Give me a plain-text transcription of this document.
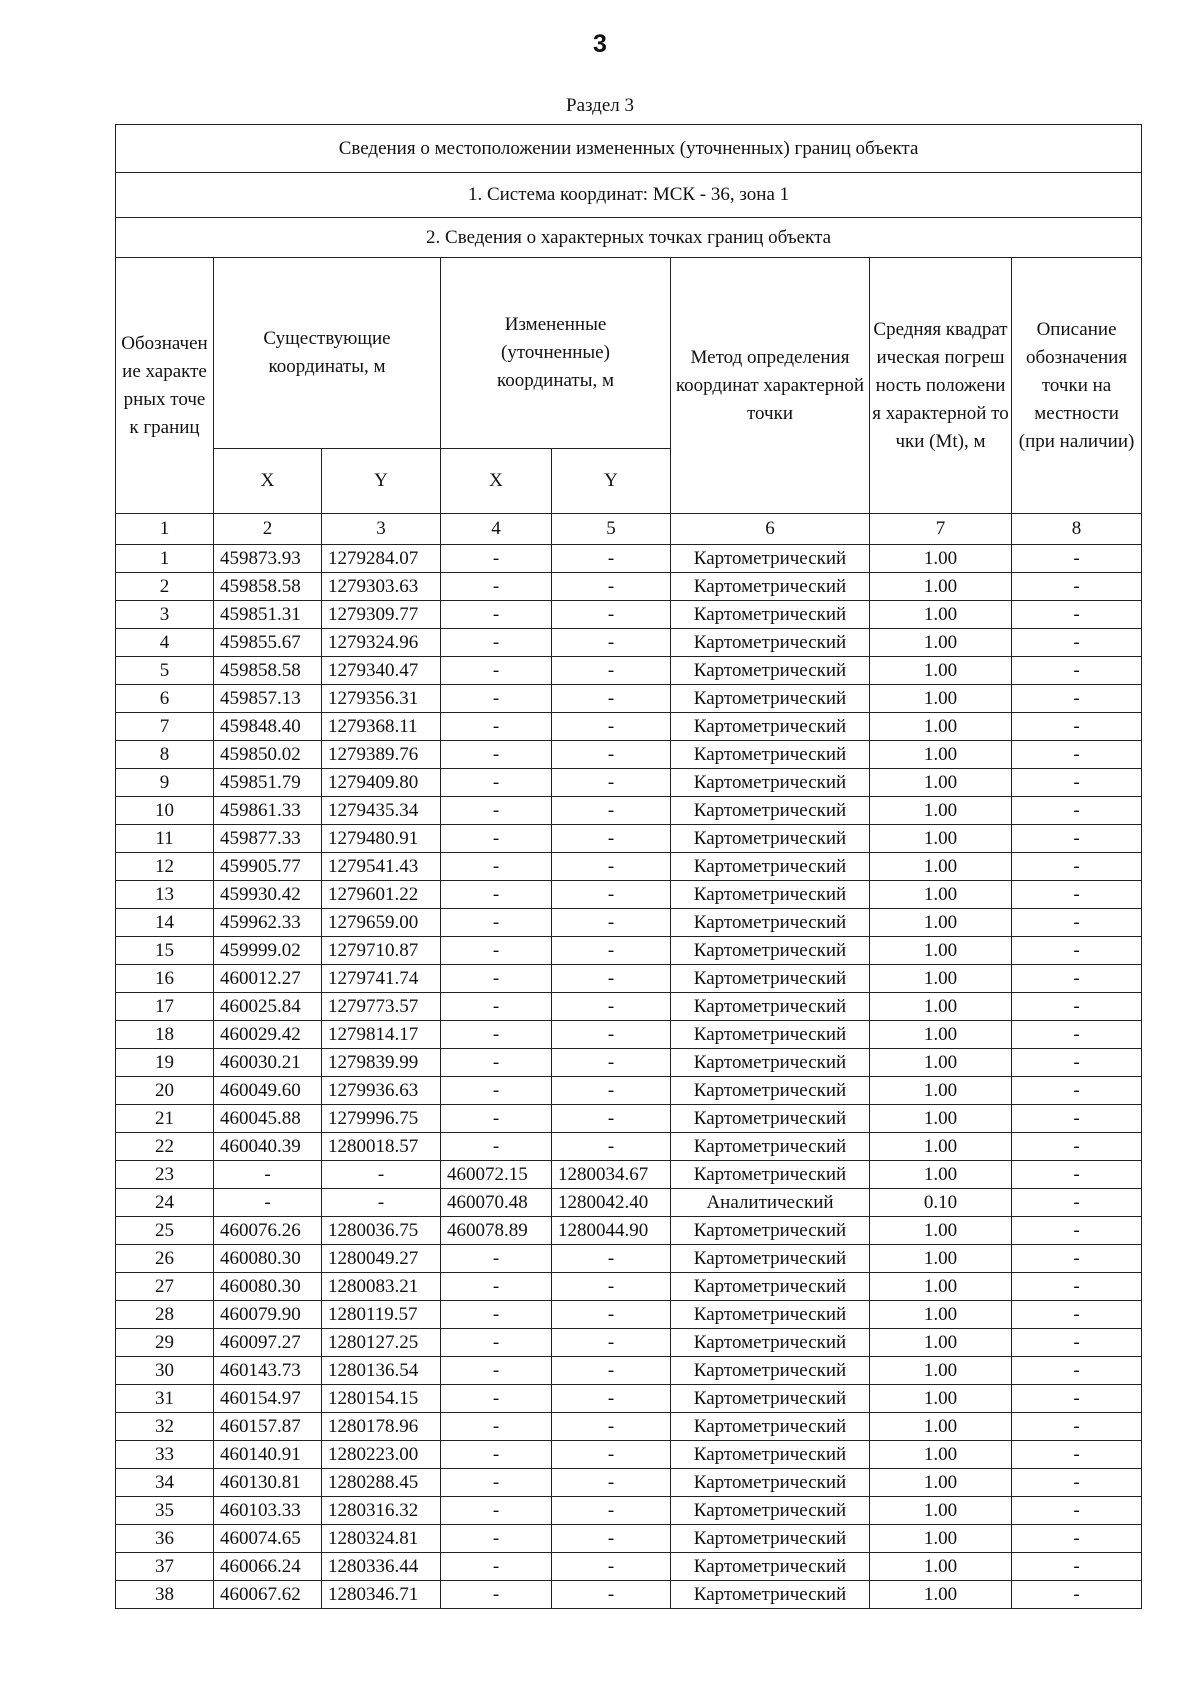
3
Раздел 3
Сведения о местоположении измененных (уточненных) границ объекта							
1. Система координат: МСК - 36, зона 1							
2. Сведения о характерных точках границ объекта							

Обозначение характерных точек границ	Существующие координаты, м		Измененные (уточненные) координаты, м		Метод определения координат характерной точки	Средняя квадратическая погрешность положения характерной точки (Mt), м	Описание обозначения точки на местности (при наличии)

	X	Y	X	Y			
1	2	3	4	5	6	7	8
1	459873.93	1279284.07	-	-	Картометрический	1.00	-
2	459858.58	1279303.63	-	-	Картометрический	1.00	-
3	459851.31	1279309.77	-	-	Картометрический	1.00	-
4	459855.67	1279324.96	-	-	Картометрический	1.00	-
5	459858.58	1279340.47	-	-	Картометрический	1.00	-
6	459857.13	1279356.31	-	-	Картометрический	1.00	-
7	459848.40	1279368.11	-	-	Картометрический	1.00	-
8	459850.02	1279389.76	-	-	Картометрический	1.00	-
9	459851.79	1279409.80	-	-	Картометрический	1.00	-
10	459861.33	1279435.34	-	-	Картометрический	1.00	-
11	459877.33	1279480.91	-	-	Картометрический	1.00	-
12	459905.77	1279541.43	-	-	Картометрический	1.00	-
13	459930.42	1279601.22	-	-	Картометрический	1.00	-
14	459962.33	1279659.00	-	-	Картометрический	1.00	-
15	459999.02	1279710.87	-	-	Картометрический	1.00	-
16	460012.27	1279741.74	-	-	Картометрический	1.00	-
17	460025.84	1279773.57	-	-	Картометрический	1.00	-
18	460029.42	1279814.17	-	-	Картометрический	1.00	-
19	460030.21	1279839.99	-	-	Картометрический	1.00	-
20	460049.60	1279936.63	-	-	Картометрический	1.00	-
21	460045.88	1279996.75	-	-	Картометрический	1.00	-
22	460040.39	1280018.57	-	-	Картометрический	1.00	-
23	-	-	460072.15	1280034.67	Картометрический	1.00	-
24	-	-	460070.48	1280042.40	Аналитический	0.10	-
25	460076.26	1280036.75	460078.89	1280044.90	Картометрический	1.00	-
26	460080.30	1280049.27	-	-	Картометрический	1.00	-
27	460080.30	1280083.21	-	-	Картометрический	1.00	-
28	460079.90	1280119.57	-	-	Картометрический	1.00	-
29	460097.27	1280127.25	-	-	Картометрический	1.00	-
30	460143.73	1280136.54	-	-	Картометрический	1.00	-
31	460154.97	1280154.15	-	-	Картометрический	1.00	-
32	460157.87	1280178.96	-	-	Картометрический	1.00	-
33	460140.91	1280223.00	-	-	Картометрический	1.00	-
34	460130.81	1280288.45	-	-	Картометрический	1.00	-
35	460103.33	1280316.32	-	-	Картометрический	1.00	-
36	460074.65	1280324.81	-	-	Картометрический	1.00	-
37	460066.24	1280336.44	-	-	Картометрический	1.00	-
38	460067.62	1280346.71	-	-	Картометрический	1.00	-
